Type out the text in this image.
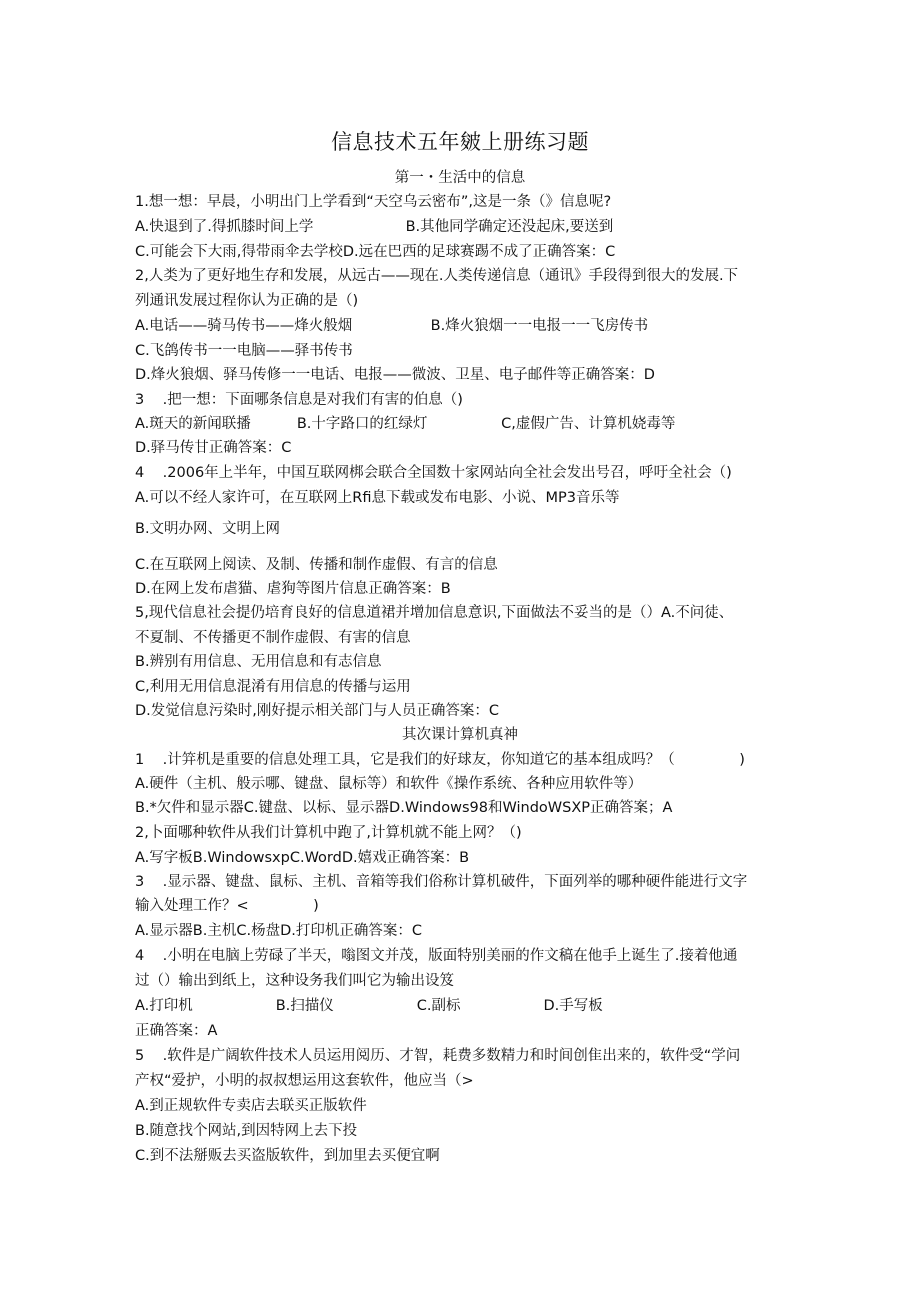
信息技术五年皴上册练习题
第一・生活中的信息
1.想一想：早晨，小明出门上学看到“天空乌云密布”,这是一条（》信息呢?
A.快退到了.得抓膝时间上学                    B.其他同学确定还没起床,要送到
C.可能会下大雨,得带雨伞去学校D.远在巴西的足球赛踢不成了正确答案：C
2,人类为了更好地生存和发展，从远古——现在.人类传递信息（通讯》手段得到很大的发展.下
列通讯发展过程你认为正确的是（)
A.电话——骑马传书——烽火般烟                 B.烽火狼烟一一电报一一飞房传书
C.飞鸽传书一一电脑——驿书传书
D.烽火狼烟、驿马传修一一电话、电报——微波、卫星、电子邮件等正确答案：D
3    .把一想：下面哪条信息是对我们有害的伯息（)
A.斑天的新闻联播          B.十字路口的红绿灯                C,虚假广告、计算机娆毒等
D.驿马传甘正确答案：C
4    .2006年上半年，中国互联网梆会联合全国数十家网站向全社会发出号召，呼吁全社会（)
A.可以不经人家许可，在互联网上Rfi息下载或发布电影、小说、MP3音乐等
B.文明办网、文明上网
C.在互联网上阅读、及制、传播和制作虚假、有言的信息
D.在网上发布虐猫、虐狗等图片信息正确答案：B
5,现代信息社会提仍培育良好的信息道裙并增加信息意识,下面做法不妥当的是（）A.不问徒、
不夏制、不传播更不制作虚假、有害的信息
B.辨别有用信息、无用信息和有志信息
C,利用无用信息混淆有用信息的传播与运用
D.发觉信息污染时,刚好提示相关部门与人员正确答案：C
其次课计算机真神
1    .计笄机是重要的信息处理工具，它是我们的好球友，你知道它的基本组成吗？（              )
A.硬件（主机、般示哪、键盘、鼠标等）和软件《操作系统、各种应用软件等）
B.*欠件和显示器C.键盘、以标、显示器D.Windows98和WindoWSXP正确答案；A
2,卜面哪种软件从我们计算机中跑了,计算机就不能上网？（)
A.写字板B.WindowsxpC.WordD.嬉戏正确答案：B
3    .显示器、键盘、鼠标、主机、音箱等我们俗称计算机破件，下面列举的哪种硬件能进行文字
输入处理工作？<              )
A.显示器B.主机C.杨盘D.打印机正确答案：C
4    .小明在电脑上劳碌了半天，嗡图文并茂，版面特别美丽的作文稿在他手上诞生了.接着他通
过（）输出到纸上，这种设务我们叫它为输出设笈
A.打印机                  B.扫描仪                  C.副标                  D.手写板
正确答案：A
5    .软件是广阔软件技术人员运用阅历、才智，耗费多数精力和时间创隹出来的，软件受“学问
产权“爱护，小明的叔叔想运用这套软件，他应当（>
A.到正规软件专卖店去联买正版软件
B.随意找个网站,到因特网上去下投
C.到不法掰贩去买盗版软件，到加里去买便宜啊
